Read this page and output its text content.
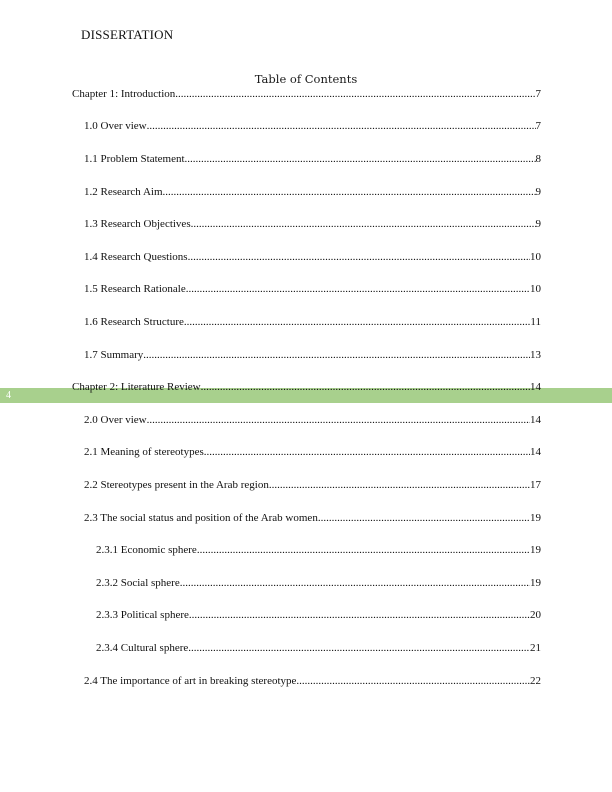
DISSERTATION
Table of Contents
4
Chapter 1: Introduction .....	7
1.0 Over view .....	7
1.1 Problem Statement .....	8
1.2 Research Aim .....	9
1.3 Research Objectives .....	9
1.4 Research Questions .....	10
1.5 Research Rationale .....	10
1.6 Research Structure .....	11
1.7 Summary .....	13
Chapter 2: Literature Review .....	14
2.0 Over view .....	14
2.1 Meaning of stereotypes .....	14
2.2 Stereotypes present in the Arab region .....	17
2.3 The social status and position of the Arab women .....	19
2.3.1 Economic sphere .....	19
2.3.2 Social sphere .....	19
2.3.3 Political sphere .....	20
2.3.4 Cultural sphere .....	21
2.4 The importance of art in breaking stereotype .....	22
